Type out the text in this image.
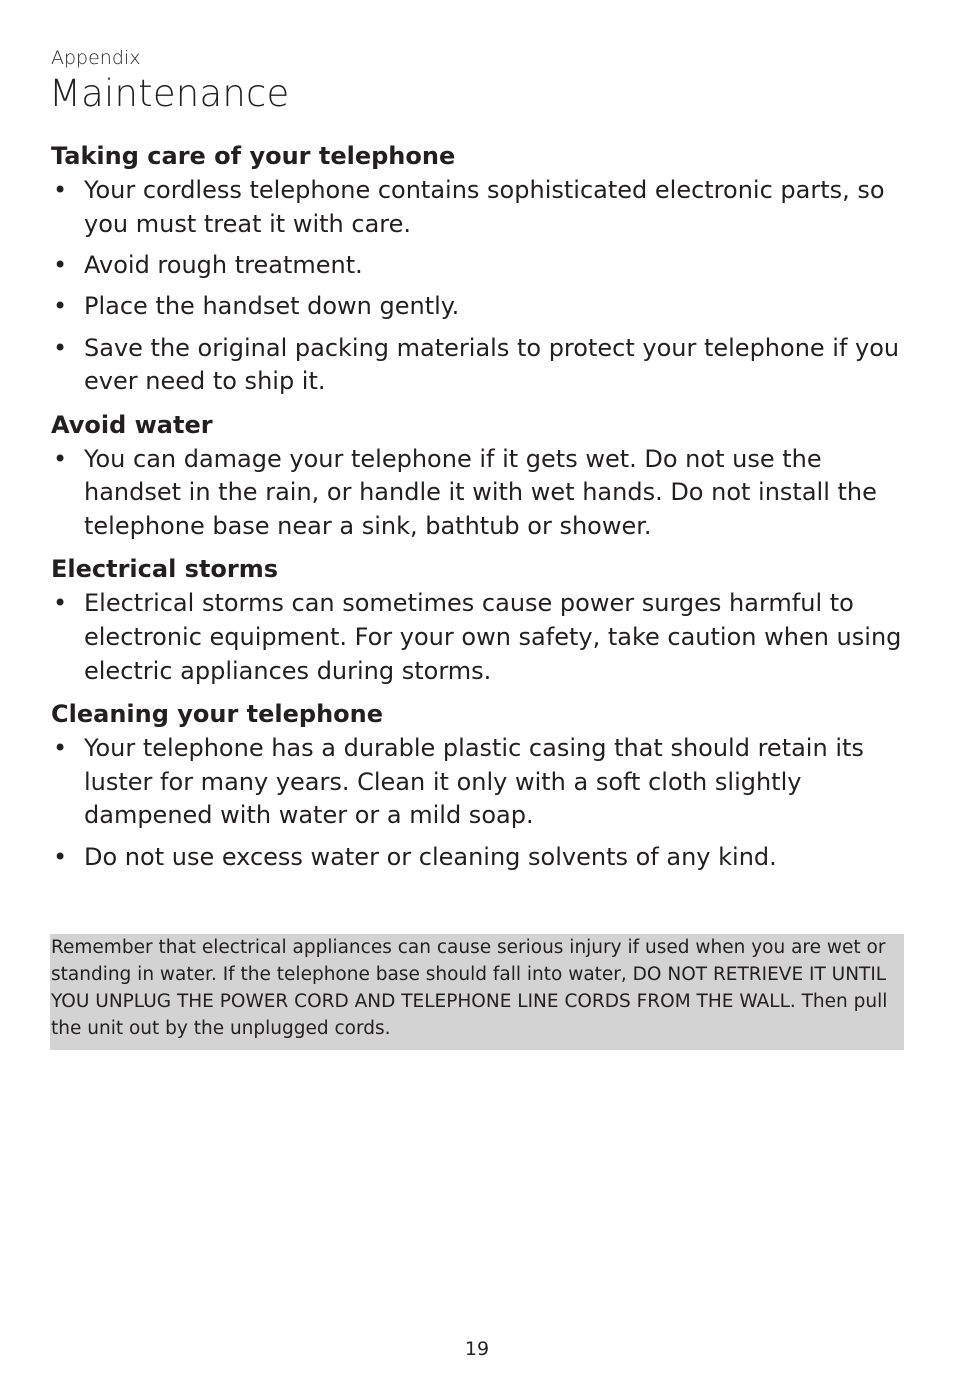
Appendix
Maintenance
Taking care of your telephone
• Your cordless telephone contains sophisticated electronic parts, so you must treat it with care.
• Avoid rough treatment.
• Place the handset down gently.
• Save the original packing materials to protect your telephone if you ever need to ship it.
Avoid water
• You can damage your telephone if it gets wet. Do not use the handset in the rain, or handle it with wet hands. Do not install the telephone base near a sink, bathtub or shower.
Electrical storms
• Electrical storms can sometimes cause power surges harmful to electronic equipment. For your own safety, take caution when using electric appliances during storms.
Cleaning your telephone
• Your telephone has a durable plastic casing that should retain its luster for many years. Clean it only with a soft cloth slightly dampened with water or a mild soap.
• Do not use excess water or cleaning solvents of any kind.

Remember that electrical appliances can cause serious injury if used when you are wet or standing in water. If the telephone base should fall into water, DO NOT RETRIEVE IT UNTIL YOU UNPLUG THE POWER CORD AND TELEPHONE LINE CORDS FROM THE WALL. Then pull the unit out by the unplugged cords.

19
